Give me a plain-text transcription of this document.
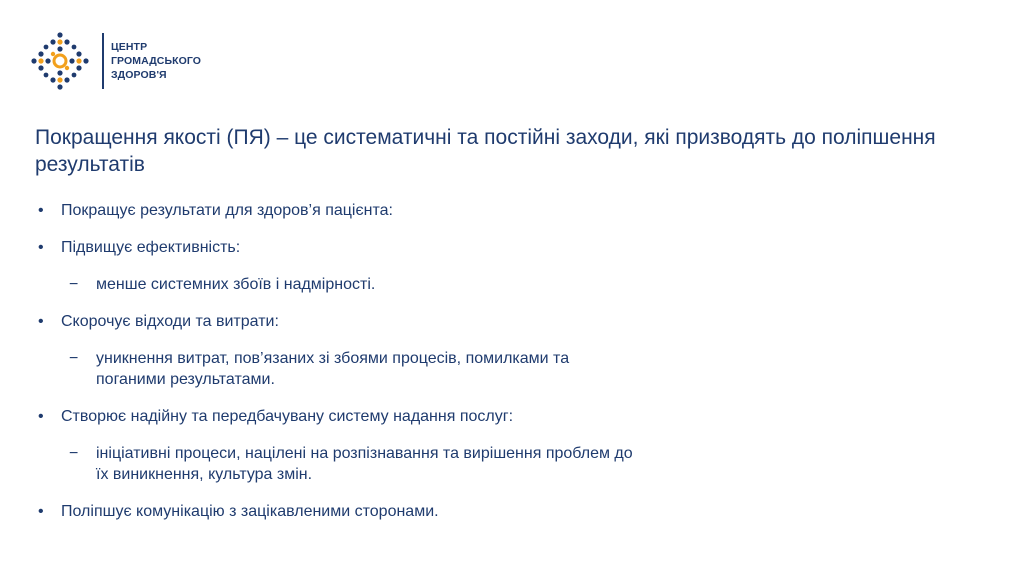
ЦЕНТР
ГРОМАДСЬКОГО
ЗДОРОВ'Я
Покращення якості (ПЯ) – це систематичні та постійні заходи, які призводять до поліпшення результатів
• Покращує результати для здоров’я пацієнта:
• Підвищує ефективність:
− менше системних збоїв і надмірності.
• Скорочує відходи та витрати:
− уникнення витрат, пов’язаних зі збоями процесів, помилками та
поганими результатами.
• Створює надійну та передбачувану систему надання послуг:
− ініціативні процеси, націлені на розпізнавання та вирішення проблем до
їх виникнення, культура змін.
• Поліпшує комунікацію з зацікавленими сторонами.
